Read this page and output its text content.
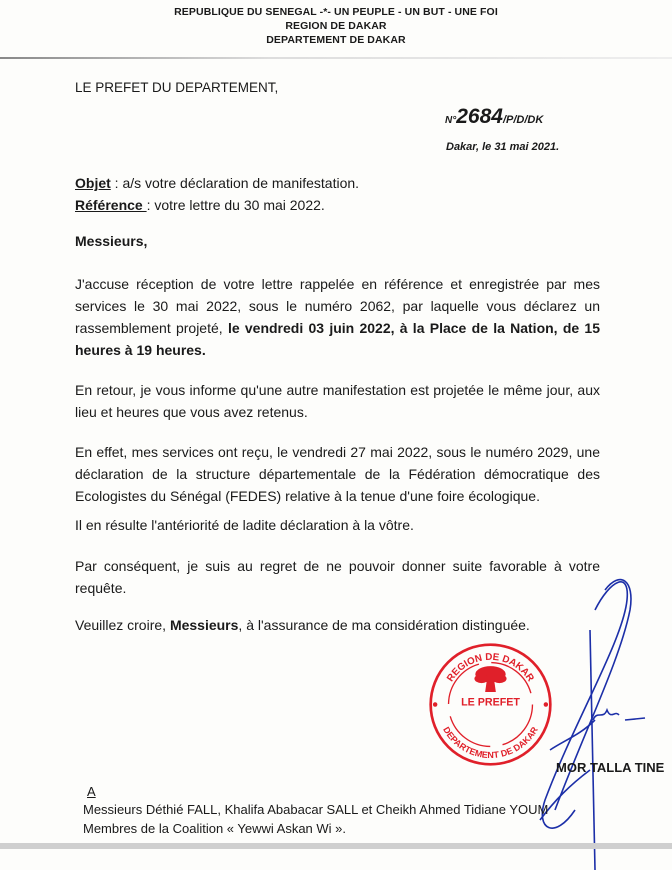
REPUBLIQUE DU SENEGAL -*- UN PEUPLE - UN BUT - UNE FOI
REGION DE DAKAR
DEPARTEMENT DE DAKAR
LE PREFET DU DEPARTEMENT,
N°2684/P/D/DK
Dakar, le 31 mai 2021.
Objet : a/s votre déclaration de manifestation.
Référence : votre lettre du 30 mai 2022.
Messieurs,
J'accuse réception de votre lettre rappelée en référence et enregistrée par mes
services le 30 mai 2022, sous le numéro 2062, par laquelle vous déclarez un
rassemblement projeté, le vendredi 03 juin 2022, à la Place de la Nation, de 15
heures à 19 heures.
En retour, je vous informe qu'une autre manifestation est projetée le même jour, aux
lieu et heures que vous avez retenus.
En effet, mes services ont reçu, le vendredi 27 mai 2022, sous le numéro 2029, une
déclaration de la structure départementale de la Fédération démocratique des
Ecologistes du Sénégal (FEDES) relative à la tenue d'une foire écologique.
Il en résulte l'antériorité de ladite déclaration à la vôtre.
Par conséquent, je suis au regret de ne pouvoir donner suite favorable à votre
requête.
Veuillez croire, Messieurs, à l'assurance de ma considération distinguée.
REGION DE DAKAR
LE PREFET
DEPARTEMENT DE DAKAR
MOR TALLA TINE
A
Messieurs Déthié FALL, Khalifa Ababacar SALL et Cheikh Ahmed Tidiane YOUM
Membres de la Coalition « Yewwi Askan Wi ».
